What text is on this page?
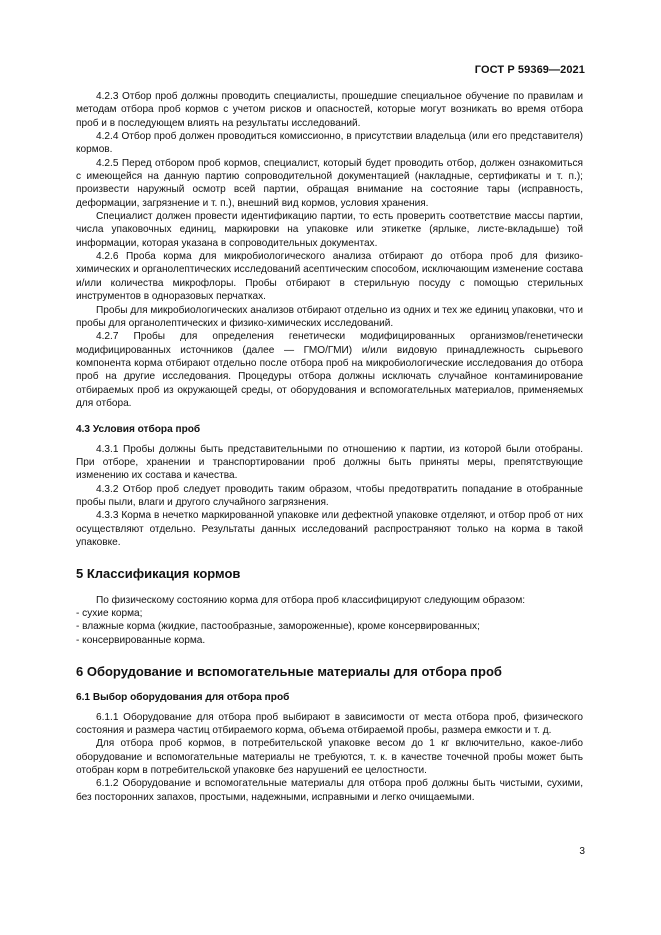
ГОСТ Р 59369—2021

4.2.3 Отбор проб должны проводить специалисты, прошедшие специальное обучение по правилам и методам отбора проб кормов с учетом рисков и опасностей, которые могут возникать во время отбора проб и в последующем влиять на результаты исследований.

4.2.4 Отбор проб должен проводиться комиссионно, в присутствии владельца (или его представителя) кормов.

4.2.5 Перед отбором проб кормов, специалист, который будет проводить отбор, должен ознакомиться с имеющейся на данную партию сопроводительной документацией (накладные, сертификаты и т. п.); произвести наружный осмотр всей партии, обращая внимание на состояние тары (исправность, деформации, загрязнение и т. п.), внешний вид кормов, условия хранения.

Специалист должен провести идентификацию партии, то есть проверить соответствие массы партии, числа упаковочных единиц, маркировки на упаковке или этикетке (ярлыке, листе-вкладыше) той информации, которая указана в сопроводительных документах.

4.2.6 Проба корма для микробиологического анализа отбирают до отбора проб для физико-химических и органолептических исследований асептическим способом, исключающим изменение состава и/или количества микрофлоры. Пробы отбирают в стерильную посуду с помощью стерильных инструментов в одноразовых перчатках.

Пробы для микробиологических анализов отбирают отдельно из одних и тех же единиц упаковки, что и пробы для органолептических и физико-химических исследований.

4.2.7 Пробы для определения генетически модифицированных организмов/генетически модифицированных источников (далее — ГМО/ГМИ) и/или видовую принадлежность сырьевого компонента корма отбирают отдельно после отбора проб на микробиологические исследования до отбора проб на другие исследования. Процедуры отбора должны исключать случайное контаминирование отбираемых проб из окружающей среды, от оборудования и вспомогательных материалов, применяемых для отбора.

4.3 Условия отбора проб

4.3.1 Пробы должны быть представительными по отношению к партии, из которой были отобраны. При отборе, хранении и транспортировании проб должны быть приняты меры, препятствующие изменению их состава и качества.

4.3.2 Отбор проб следует проводить таким образом, чтобы предотвратить попадание в отобранные пробы пыли, влаги и другого случайного загрязнения.

4.3.3 Корма в нечетко маркированной упаковке или дефектной упаковке отделяют, и отбор проб от них осуществляют отдельно. Результаты данных исследований распространяют только на корма в такой упаковке.

5 Классификация кормов

По физическому состоянию корма для отбора проб классифицируют следующим образом:

- сухие корма;
- влажные корма (жидкие, пастообразные, замороженные), кроме консервированных;
- консервированные корма.
6 Оборудование и вспомогательные материалы для отбора проб
6.1 Выбор оборудования для отбора проб

6.1.1 Оборудование для отбора проб выбирают в зависимости от места отбора проб, физического состояния и размера частиц отбираемого корма, объема отбираемой пробы, размера емкости и т. д.

Для отбора проб кормов, в потребительской упаковке весом до 1 кг включительно, какое-либо оборудование и вспомогательные материалы не требуются, т. к. в качестве точечной пробы может быть отобран корм в потребительской упаковке без нарушений ее целостности.

6.1.2 Оборудование и вспомогательные материалы для отбора проб должны быть чистыми, сухими, без посторонних запахов, простыми, надежными, исправными и легко очищаемыми.

3
